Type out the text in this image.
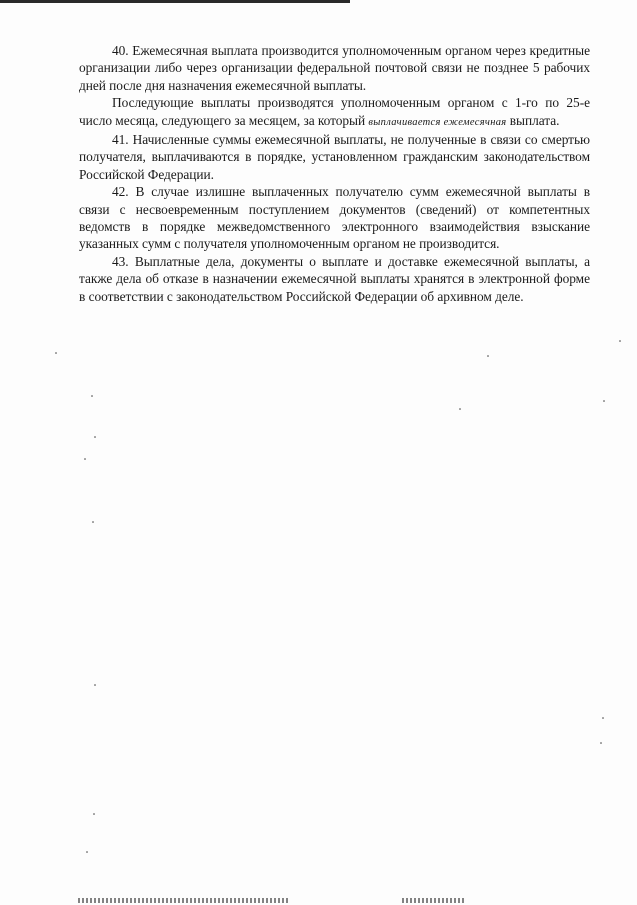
40. Ежемесячная выплата производится уполномоченным органом через кредитные организации либо через организации федеральной почтовой связи не позднее 5 рабочих дней после дня назначения ежемесячной выплаты.

Последующие выплаты производятся уполномоченным органом с 1-го по 25-е число месяца, следующего за месяцем, за который выплачивается ежемесячная выплата.

41. Начисленные суммы ежемесячной выплаты, не полученные в связи со смертью получателя, выплачиваются в порядке, установленном гражданским законодательством Российской Федерации.

42. В случае излишне выплаченных получателю сумм ежемесячной выплаты в связи с несвоевременным поступлением документов (сведений) от компетентных ведомств в порядке межведомственного электронного взаимодействия взыскание указанных сумм с получателя уполномоченным органом не производится.

43. Выплатные дела, документы о выплате и доставке ежемесячной выплаты, а также дела об отказе в назначении ежемесячной выплаты хранятся в электронной форме в соответствии с законодательством Российской Федерации об архивном деле.
